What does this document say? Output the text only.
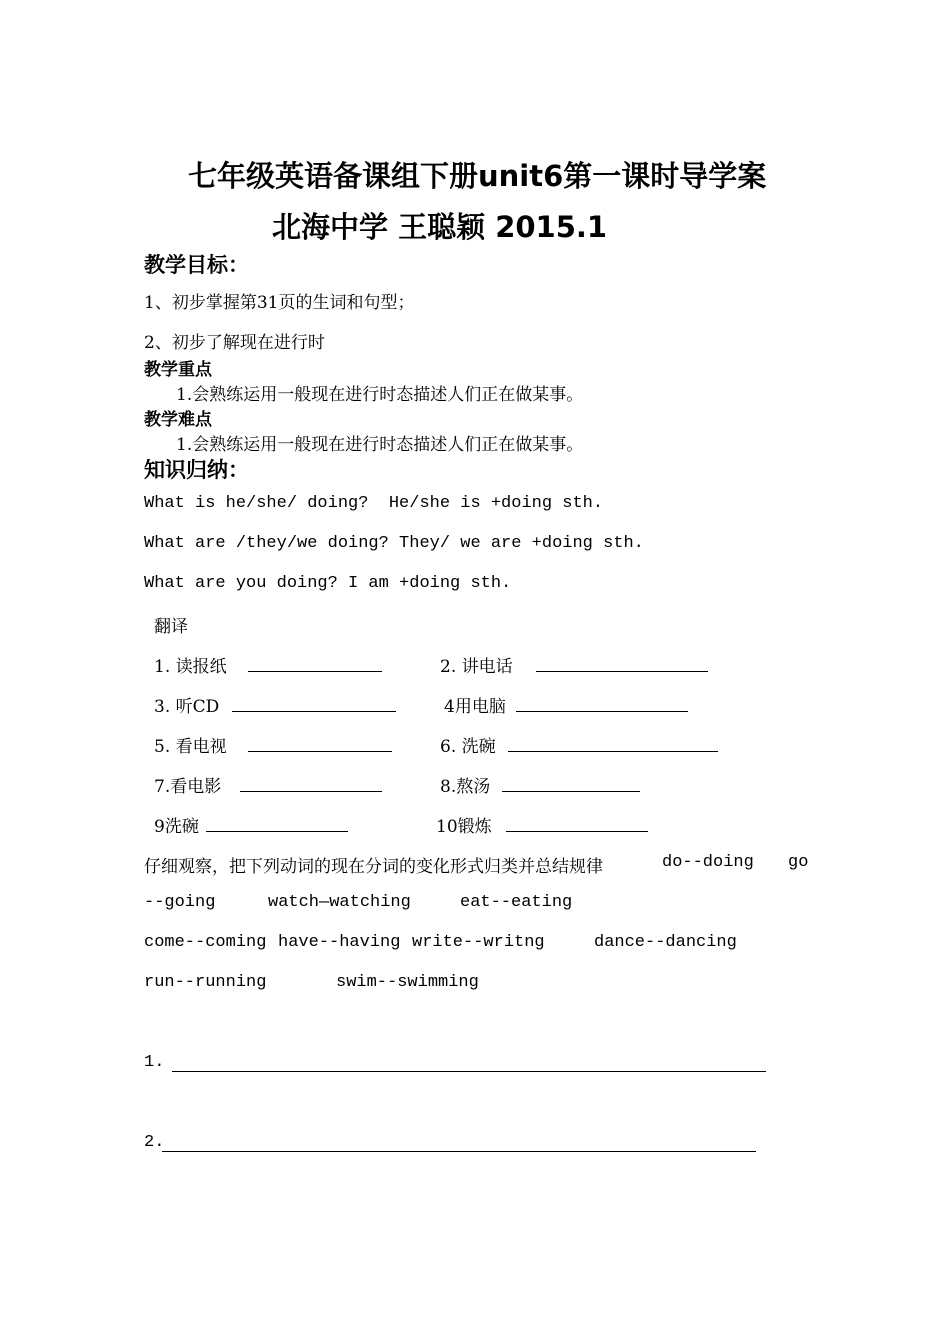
七年级英语备课组下册unit6第一课时导学案
北海中学 王聪颖 2015.1
教学目标：
1、初步掌握第31页的生词和句型；
2、初步了解现在进行时
教学重点
1.会熟练运用一般现在进行时态描述人们正在做某事。
教学难点
1.会熟练运用一般现在进行时态描述人们正在做某事。
知识归纳：
What is he/she/ doing?  He/she is +doing sth.
What are /they/we doing? They/ we are +doing sth.
What are you doing? I am +doing sth.
翻译
1. 读报纸	2. 讲电话
3. 听CD	4用电脑
5. 看电视	6. 洗碗
7.看电影	8.熬汤
9洗碗	10锻炼
仔细观察，把下列动词的现在分词的变化形式归类并总结规律	do--doing go
--going	watch—watching	eat--eating
come--coming have--having write--writng	dance--dancing
run--running	swim--swimming
1.
2.
